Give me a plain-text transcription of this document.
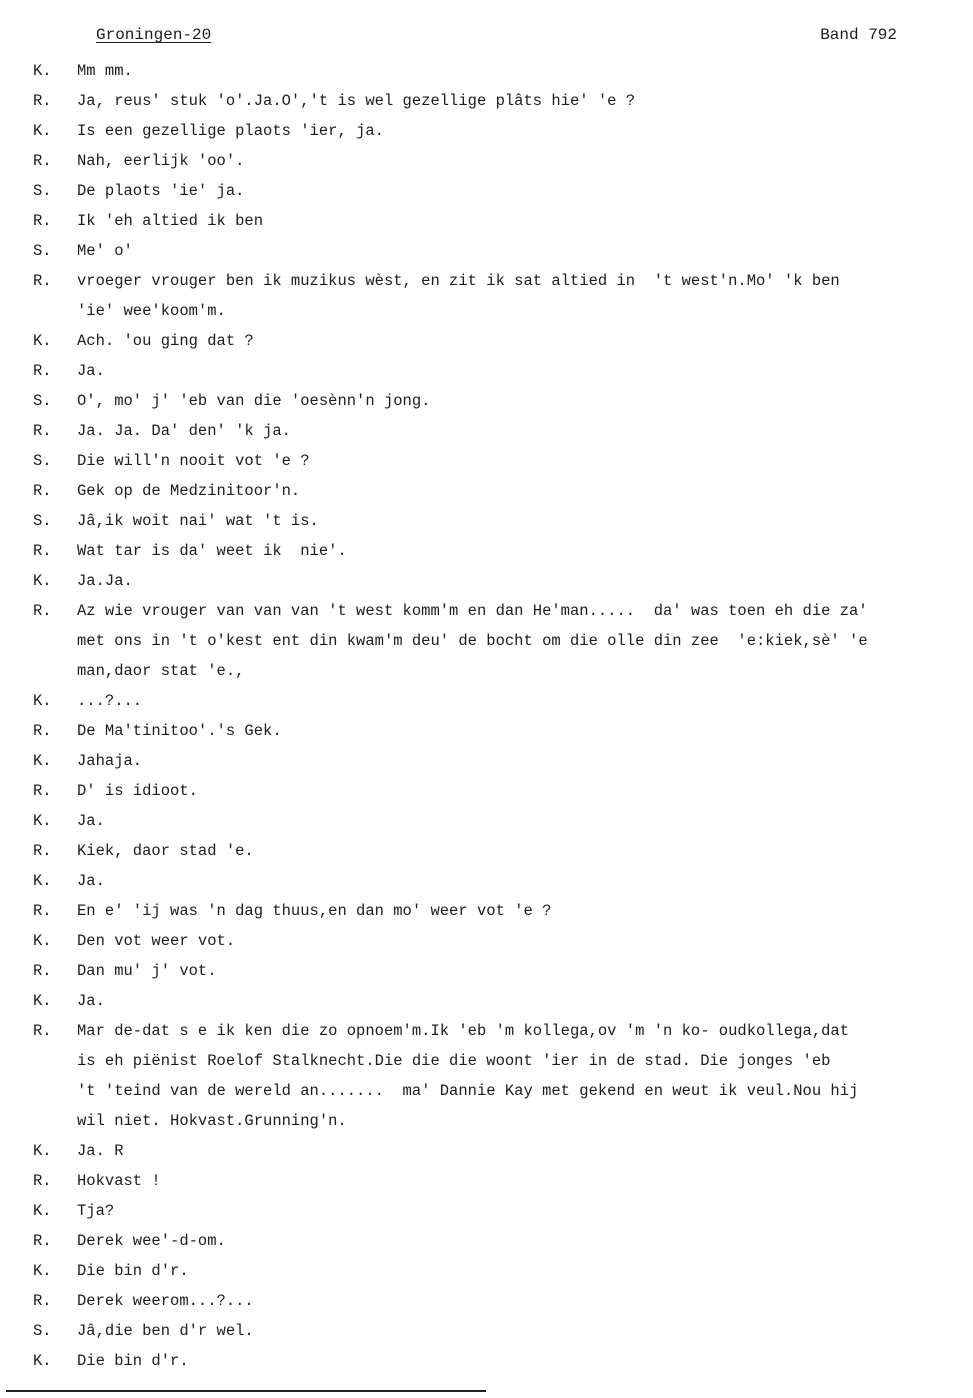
Groningen-20	Band 792
K.	Mm mm.
R.	Ja, reus' stuk 'o'.Ja.O','t is wel gezellige plâts hie' 'e ?
K.	Is een gezellige plaots 'ier, ja.
R.	Nah, eerlijk 'oo'.
S.	De plaots 'ie' ja.
R.	Ik 'eh altied ik ben
S.	Me' o'
R.	vroeger vrouger ben ik muzikus wèst, en zit ik sat altied in  't west'n.Mo' 'k ben
'ie' wee'koom'm.
K.	Ach. 'ou ging dat ?
R.	Ja.
S.	O', mo' j' 'eb van die 'oesènn'n jong.
R.	Ja. Ja. Da' den' 'k ja.
S.	Die will'n nooit vot 'e ?
R.	Gek op de Medzinitoor'n.
S.	Jâ,ik woit nai' wat 't is.
R.	Wat tar is da' weet ik  nie'.
K.	Ja.Ja.
R.	Az wie vrouger van van van 't west komm'm en dan He'man.....  da' was toen eh die za'
met ons in 't o'kest ent din kwam'm deu' de bocht om die olle din zee  'e:kiek,sè' 'e
man,daor stat 'e.,
K.	...?...
R.	De Ma'tinitoo'.'s Gek.
K.	Jahaja.
R.	D' is idioot.
K.	Ja.
R.	Kiek, daor stad 'e.
K.	Ja.
R.	En e' 'ij was 'n dag thuus,en dan mo' weer vot 'e ?
K.	Den vot weer vot.
R.	Dan mu' j' vot.
K.	Ja.
R.	Mar de-dat s e ik ken die zo opnoem'm.Ik 'eb 'm kollega,ov 'm 'n ko- oudkollega,dat
is eh piënist Roelof Stalknecht.Die die die woont 'ier in de stad. Die jonges 'eb
't 'teind van de wereld an.......  ma' Dannie Kay met gekend en weut ik veul.Nou hij
wil niet. Hokvast.Grunning'n.
K.	Ja. R
R.	Hokvast !
K.	Tja?
R.	Derek wee'-d-om.
K.	Die bin d'r.
R.	Derek weerom...?...
S.	Jâ,die ben d'r wel.
K.	Die bin d'r.
